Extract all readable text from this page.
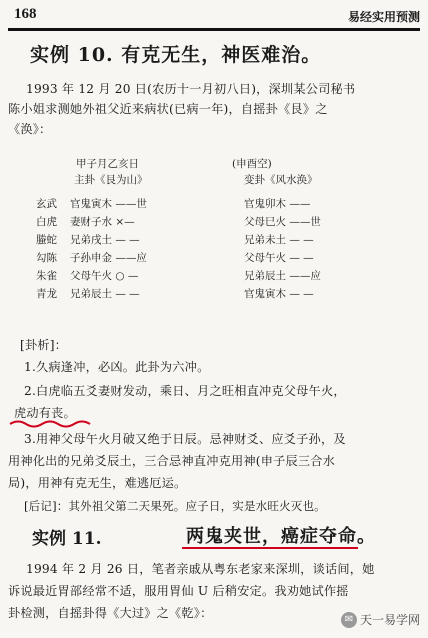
168	易经实用预测
实例 10. 有克无生，神医难治。
1993 年 12 月 20 日(农历十一月初八日)，深圳某公司秘书
陈小姐求测她外祖父近来病状(已病一年)，自摇卦《艮》之
《涣》：
甲子月乙亥日	(申酉空)
主卦《艮为山》	变卦《风水涣》
玄武 官鬼寅木 ——世	官鬼卯木 ——
白虎 妻财子水 ×—	父母巳火 ——世
螣蛇 兄弟戌土 — —	兄弟未土 — —
勾陈 子孙申金 ——应	父母午火 — —
朱雀 父母午火 ○ —	兄弟辰土 ——应
青龙 兄弟辰土 — —	官鬼寅木 — —
[卦析]：
1.久病逢冲，必凶。此卦为六冲。
2.白虎临五爻妻财发动，乘日、月之旺相直冲克父母午火，
虎动有丧。
3.用神父母午火月破又绝于日辰。忌神财爻、应爻子孙，及
用神化出的兄弟爻辰土，三合忌神直冲克用神(申子辰三合水
局)，用神有克无生，难逃厄运。
[后记]：其外祖父第二天果死。应子日，实是水旺火灭也。
实例 11.	两鬼夹世，癌症夺命。
1994 年 2 月 26 日，笔者亲戚从粤东老家来深圳，谈话间，她
诉说最近胃部经常不适，服用胃仙 U 后稍安定。我劝她试作摇
卦检测，自摇卦得《大过》之《乾》：	✉ 天一易学网
